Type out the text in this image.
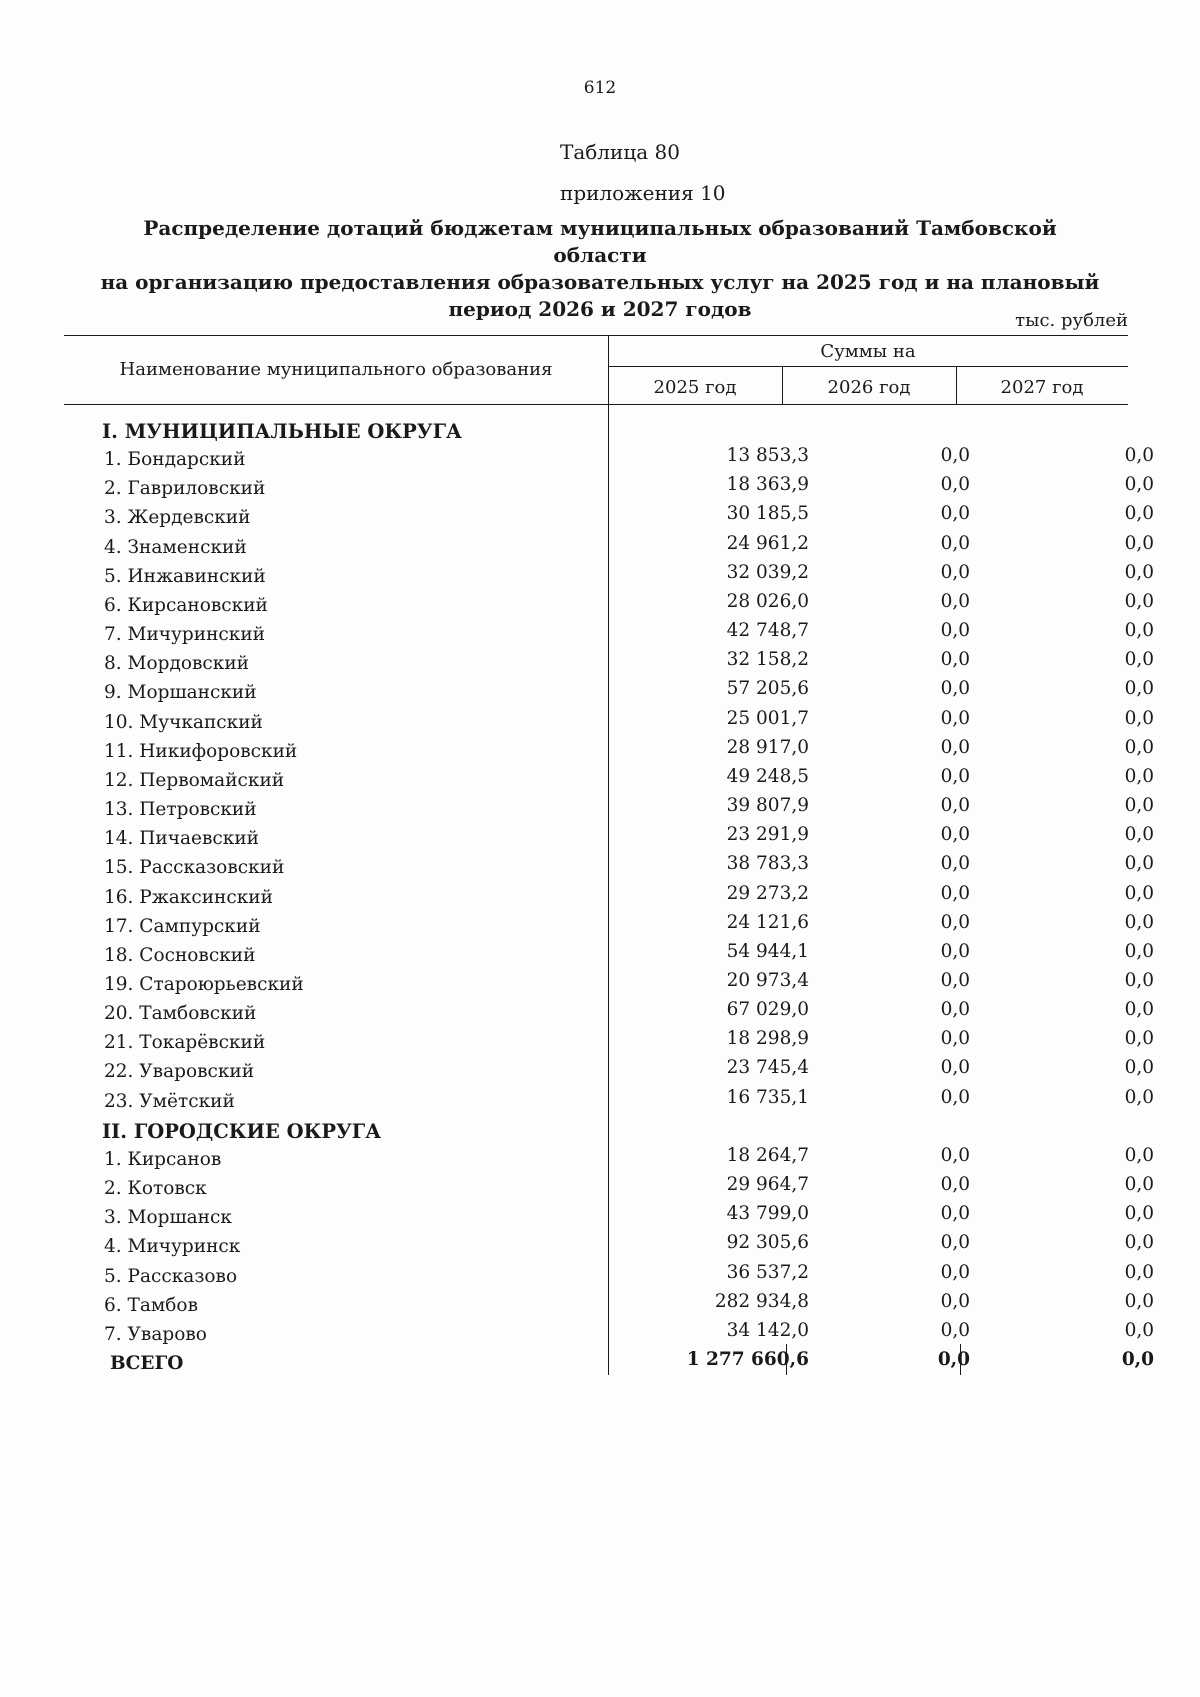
612
Таблица 80
приложения 10
Распределение дотаций бюджетам муниципальных образований Тамбовской области
на организацию предоставления образовательных услуг на 2025 год и на плановый
период 2026 и 2027 годов	тыс. рублей
Наименование муниципального образования
Суммы на
2025 год	2026 год	2027 год
I. МУНИЦИПАЛЬНЫЕ ОКРУГА
1. Бондарский	13 853,3	0,0	0,0
2. Гавриловский	18 363,9	0,0	0,0
3. Жердевский	30 185,5	0,0	0,0
4. Знаменский	24 961,2	0,0	0,0
5. Инжавинский	32 039,2	0,0	0,0
6. Кирсановский	28 026,0	0,0	0,0
7. Мичуринский	42 748,7	0,0	0,0
8. Мордовский	32 158,2	0,0	0,0
9. Моршанский	57 205,6	0,0	0,0
10. Мучкапский	25 001,7	0,0	0,0
11. Никифоровский	28 917,0	0,0	0,0
12. Первомайский	49 248,5	0,0	0,0
13. Петровский	39 807,9	0,0	0,0
14. Пичаевский	23 291,9	0,0	0,0
15. Рассказовский	38 783,3	0,0	0,0
16. Ржаксинский	29 273,2	0,0	0,0
17. Сампурский	24 121,6	0,0	0,0
18. Сосновский	54 944,1	0,0	0,0
19. Староюрьевский	20 973,4	0,0	0,0
20. Тамбовский	67 029,0	0,0	0,0
21. Токарёвский	18 298,9	0,0	0,0
22. Уваровский	23 745,4	0,0	0,0
23. Умётский	16 735,1	0,0	0,0
II. ГОРОДСКИЕ ОКРУГА
1. Кирсанов	18 264,7	0,0	0,0
2. Котовск	29 964,7	0,0	0,0
3. Моршанск	43 799,0	0,0	0,0
4. Мичуринск	92 305,6	0,0	0,0
5. Рассказово	36 537,2	0,0	0,0
6. Тамбов	282 934,8	0,0	0,0
7. Уварово	34 142,0	0,0	0,0
ВСЕГО	1 277 660,6	0,0	0,0
